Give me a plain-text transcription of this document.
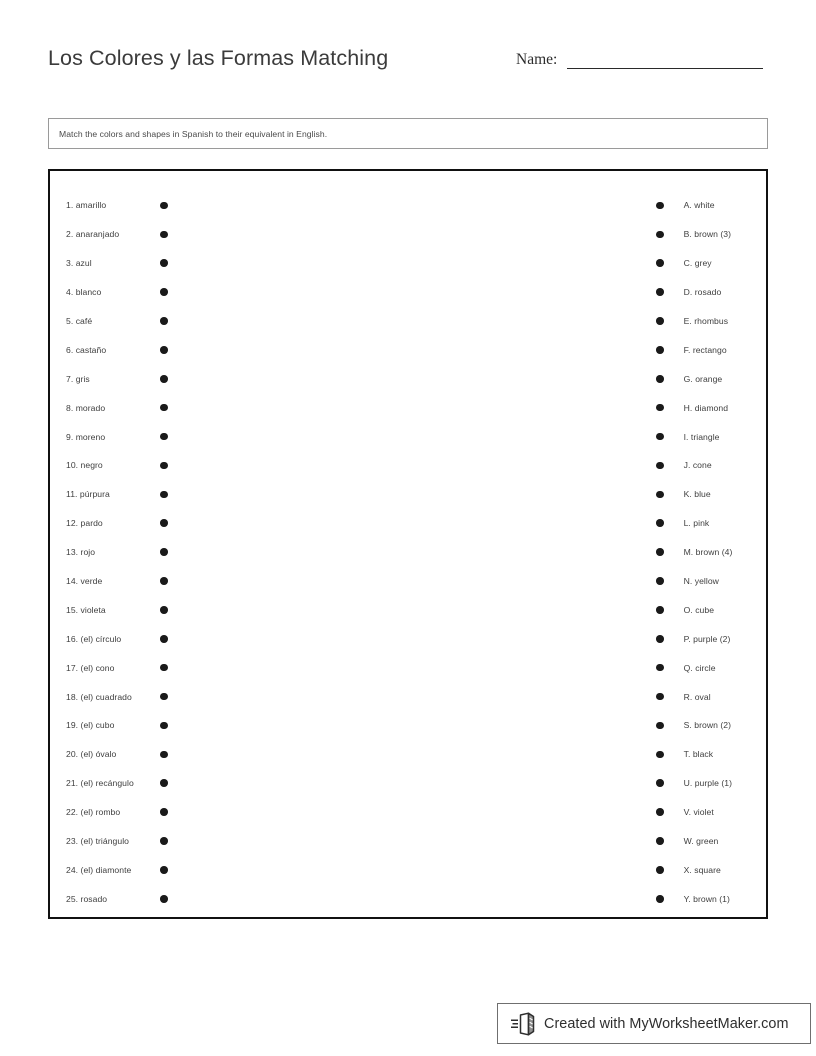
Los Colores y las Formas Matching	Name:
Match the colors and shapes in Spanish to their equivalent in English.
1. amarillo
2. anaranjado
3. azul
4. blanco
5. café
6. castaño
7. gris
8. morado
9. moreno
10. negro
11. púrpura
12. pardo
13. rojo
14. verde
15. violeta
16. (el) círculo
17. (el) cono
18. (el) cuadrado
19. (el) cubo
20. (el) óvalo
21. (el) recángulo
22. (el) rombo
23. (el) triángulo
24. (el) diamonte
25. rosado
A. white
B. brown (3)
C. grey
D. rosado
E. rhombus
F. rectango
G. orange
H. diamond
I. triangle
J. cone
K. blue
L. pink
M. brown (4)
N. yellow
O. cube
P. purple (2)
Q. circle
R. oval
S. brown (2)
T. black
U. purple (1)
V. violet
W. green
X. square
Y. brown (1)
Created with MyWorksheetMaker.com
